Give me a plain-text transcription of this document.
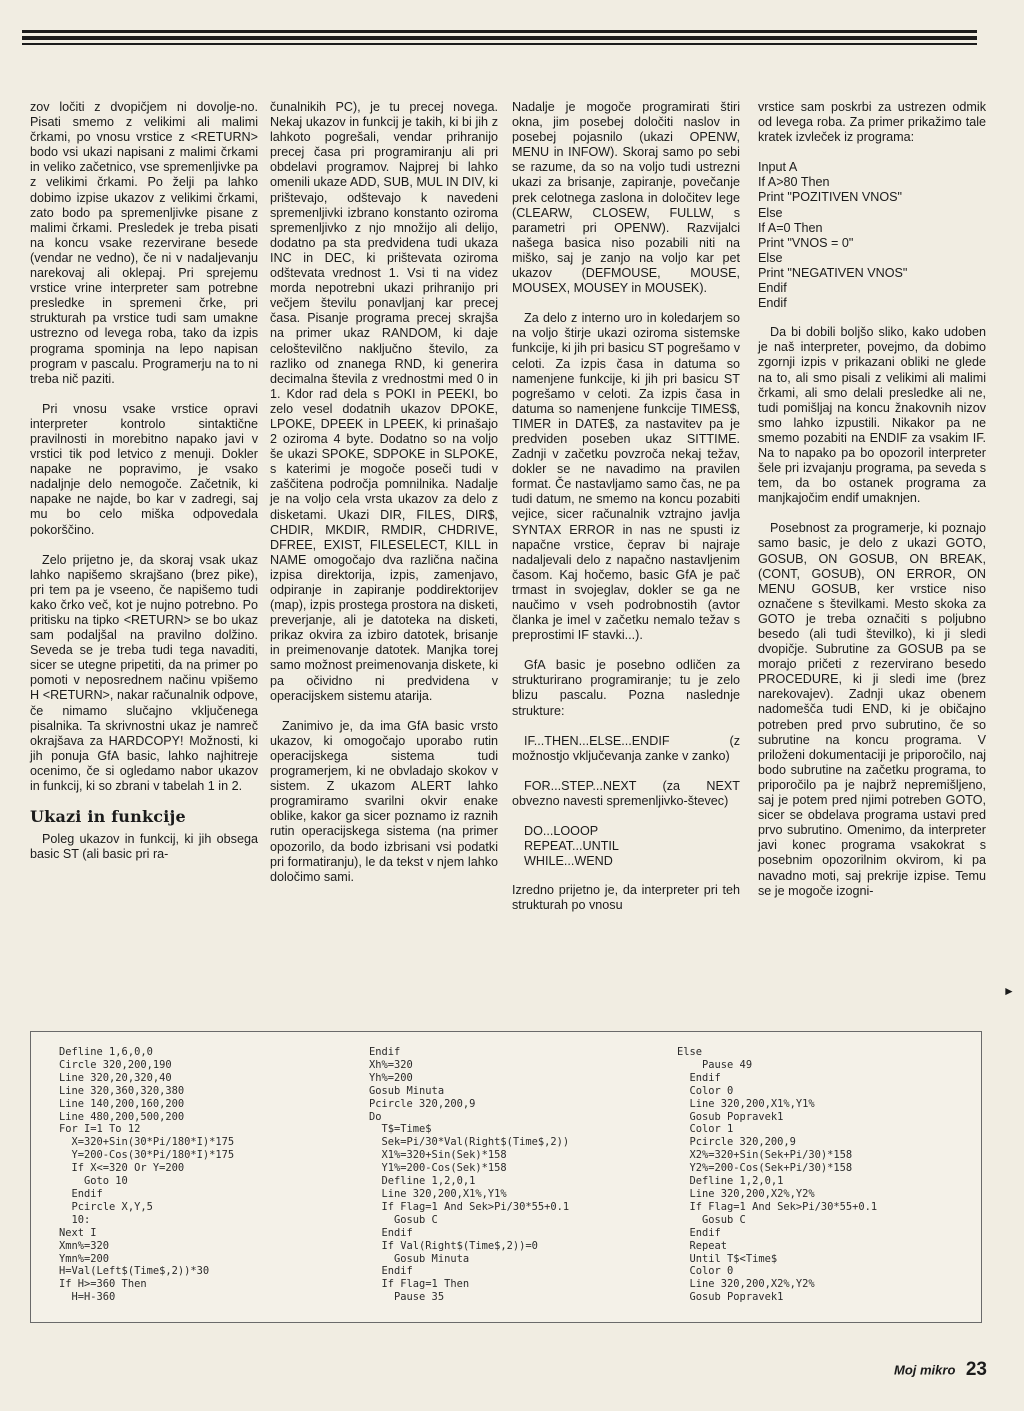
zov ločiti z dvopičjem ni dovolje-no. Pisati smemo z velikimi ali malimi črkami, po vnosu vrstice z <RETURN> bodo vsi ukazi napisani z malimi črkami in veliko začetnico, vse spremenljivke pa z velikimi črkami. Po želji pa lahko dobimo izpise ukazov z velikimi črkami, zato bodo pa spremenljivke pisane z malimi črkami. Presledek je treba pisati na koncu vsake rezervirane besede (vendar ne vedno), če ni v nadaljevanju narekovaj ali oklepaj. Pri sprejemu vrstice vrine interpreter sam potrebne presledke in spremeni črke, pri strukturah pa vrstice tudi sam umakne ustrezno od levega roba, tako da izpis programa spominja na lepo napisan program v pascalu. Programerju na to ni treba nič paziti.

Pri vnosu vsake vrstice opravi interpreter kontrolo sintaktične pravilnosti in morebitno napako javi v vrstici tik pod letvico z menuji. Dokler napake ne popravimo, je vsako nadaljnje delo nemogoče. Začetnik, ki napake ne najde, bo kar v zadregi, saj mu bo celo miška odpovedala pokorščino.

Zelo prijetno je, da skoraj vsak ukaz lahko napišemo skrajšano (brez pike), pri tem pa je vseeno, če napišemo tudi kako črko več, kot je nujno potrebno. Po pritisku na tipko <RETURN> se bo ukaz sam podaljšal na pravilno dolžino. Seveda se je treba tudi tega navaditi, sicer se utegne pripetiti, da na primer po pomoti v neposrednem načinu vpišemo H <RETURN>, nakar računalnik odpove, če nimamo slučajno vključenega pisalnika. Ta skrivnostni ukaz je namreč okrajšava za HARDCOPY! Možnosti, ki jih ponuja GfA basic, lahko najhitreje ocenimo, če si ogledamo nabor ukazov in funkcij, ki so zbrani v tabelah 1 in 2.

Ukazi in funkcije

Poleg ukazov in funkcij, ki jih obsega basic ST (ali basic pri ra-

čunalnikih PC), je tu precej novega. Nekaj ukazov in funkcij je takih, ki bi jih z lahkoto pogrešali, vendar prihranijo precej časa pri programiranju ali pri obdelavi programov. Najprej bi lahko omenili ukaze ADD, SUB, MUL IN DIV, ki prištevajo, odštevajo k navedeni spremenljivki izbrano konstanto oziroma spremenljivko z njo množijo ali delijo, dodatno pa sta predvidena tudi ukaza INC in DEC, ki prištevata oziroma odštevata vrednost 1. Vsi ti na videz morda nepotrebni ukazi prihranijo pri večjem številu ponavljanj kar precej časa. Pisanje programa precej skrajša na primer ukaz RANDOM, ki daje celoštevilčno naključno število, za razliko od znanega RND, ki generira decimalna števila z vrednostmi med 0 in 1. Kdor rad dela s POKI in PEEKI, bo zelo vesel dodatnih ukazov DPOKE, LPOKE, DPEEK in LPEEK, ki prinašajo 2 oziroma 4 byte. Dodatno so na voljo še ukazi SPOKE, SDPOKE in SLPOKE, s katerimi je mogoče poseči tudi v zaščitena področja pomnilnika. Nadalje je na voljo cela vrsta ukazov za delo z disketami. Ukazi DIR, FILES, DIR$, CHDIR, MKDIR, RMDIR, CHDRIVE, DFREE, EXIST, FILESELECT, KILL in NAME omogočajo dva različna načina izpisa direktorija, izpis, zamenjavo, odpiranje in zapiranje poddirektorijev (map), izpis prostega prostora na disketi, preverjanje, ali je datoteka na disketi, prikaz okvira za izbiro datotek, brisanje in preimenovanje datotek. Manjka torej samo možnost preimenovanja diskete, ki pa očividno ni predvidena v operacijskem sistemu atarija.

Zanimivo je, da ima GfA basic vrsto ukazov, ki omogočajo uporabo rutin operacijskega sistema tudi programerjem, ki ne obvladajo skokov v sistem. Z ukazom ALERT lahko programiramo svarilni okvir enake oblike, kakor ga sicer poznamo iz raznih rutin operacijskega sistema (na primer opozorilo, da bodo izbrisani vsi podatki pri formatiranju), le da tekst v njem lahko določimo sami.

Nadalje je mogoče programirati štiri okna, jim posebej določiti naslov in posebej pojasnilo (ukazi OPENW, MENU in INFOW). Skoraj samo po sebi se razume, da so na voljo tudi ustrezni ukazi za brisanje, zapiranje, povečanje prek celotnega zaslona in določitev lege (CLEARW, CLOSEW, FULLW, s parametri pri OPENW). Razvijalci našega basica niso pozabili niti na miško, saj je zanjo na voljo kar pet ukazov (DEFMOUSE, MOUSE, MOUSEX, MOUSEY in MOUSEK).

Za delo z interno uro in koledarjem so na voljo štirje ukazi oziroma sistemske funkcije, ki jih pri basicu ST pogrešamo v celoti. Za izpis časa in datuma so namenjene funkcije, ki jih pri basicu ST pogrešamo v celoti. Za izpis časa in datuma so namenjene funkcije TIMES$, TIMER in DATE$, za nastavitev pa je predviden poseben ukaz SITTIME. Zadnji v začetku povzroča nekaj težav, dokler se ne navadimo na pravilen format. Če nastavljamo samo čas, ne pa tudi datum, ne smemo na koncu pozabiti vejice, sicer računalnik vztrajno javlja SYNTAX ERROR in nas ne spusti iz napačne vrstice, čeprav bi najraje nadaljevali delo z napačno nastavljenim časom. Kaj hočemo, basic GfA je pač trmast in svojeglav, dokler se ga ne naučimo v vseh podrobnostih (avtor članka je imel v začetku nemalo težav s preprostimi IF stavki...).

GfA basic je posebno odličen za strukturirano programiranje; tu je zelo blizu pascalu. Pozna naslednje strukture:

IF...THEN...ELSE...ENDIF (z možnostjo vključevanja zanke v zanko)

FOR...STEP...NEXT (za NEXT obvezno navesti spremenljivko-števec)

DO...LOOOP
REPEAT...UNTIL
WHILE...WEND

Izredno prijetno je, da interpreter pri teh strukturah po vnosu

vrstice sam poskrbi za ustrezen odmik od levega roba. Za primer prikažimo tale kratek izvleček iz programa:

Input A
If A>80 Then
Print "POZITIVEN VNOS"
Else
If A=0 Then
Print "VNOS = 0"
Else
Print "NEGATIVEN VNOS"
Endif
Endif

Da bi dobili boljšo sliko, kako udoben je naš interpreter, povejmo, da dobimo zgornji izpis v prikazani obliki ne glede na to, ali smo pisali z velikimi ali malimi črkami, ali smo delali presledke ali ne, tudi pomišljaj na koncu žnakovnih nizov smo lahko izpustili. Nikakor pa ne smemo pozabiti na ENDIF za vsakim IF. Na to napako pa bo opozoril interpreter šele pri izvajanju programa, pa seveda s tem, da bo ostanek programa za manjkajočim endif umaknjen.

Posebnost za programerje, ki poznajo samo basic, je delo z ukazi GOTO, GOSUB, ON GOSUB, ON BREAK, (CONT, GOSUB), ON ERROR, ON MENU GOSUB, ker vrstice niso označene s številkami. Mesto skoka za GOTO je treba označiti s poljubno besedo (ali tudi številko), ki ji sledi dvopičje. Subrutine za GOSUB pa se morajo pričeti z rezervirano besedo PROCEDURE, ki ji sledi ime (brez narekovajev). Zadnji ukaz obenem nadomešča tudi END, ki je običajno potreben pred prvo subrutino, če so subrutine na koncu programa. V priloženi dokumentaciji je priporočilo, naj bodo subrutine na začetku programa, to priporočilo pa je najbrž nepremišljeno, saj je potem pred njimi potreben GOTO, sicer se obdelava programa ustavi pred prvo subrutino. Omenimo, da interpreter javi konec programa vsakokrat s posebnim opozorilnim okvirom, ki pa navadno moti, saj prekrije izpise. Temu se je mogoče izogni-

►
Defline 1,6,0,0
Circle 320,200,190
Line 320,20,320,40
Line 320,360,320,380
Line 140,200,160,200
Line 480,200,500,200
For I=1 To 12
X=320+Sin(30*Pi/180*I)*175
Y=200-Cos(30*Pi/180*I)*175
If X<=320 Or Y=200
Goto 10
Endif
Pcircle X,Y,5
10:
Next I
Xmn%=320
Ymn%=200
H=Val(Left$(Time$,2))*30
If H>=360 Then
H=H-360
Endif
Xh%=320
Yh%=200
Gosub Minuta
Pcircle 320,200,9
Do
T$=Time$
Sek=Pi/30*Val(Right$(Time$,2))
X1%=320+Sin(Sek)*158
Y1%=200-Cos(Sek)*158
Defline 1,2,0,1
Line 320,200,X1%,Y1%
If Flag=1 And Sek>Pi/30*55+0.1
Gosub C
Endif
If Val(Right$(Time$,2))=0
Gosub Minuta
Endif
If Flag=1 Then
Pause 35
Else
Pause 49
Endif
Color 0
Line 320,200,X1%,Y1%
Gosub Popravek1
Color 1
Pcircle 320,200,9
X2%=320+Sin(Sek+Pi/30)*158
Y2%=200-Cos(Sek+Pi/30)*158
Defline 1,2,0,1
Line 320,200,X2%,Y2%
If Flag=1 And Sek>Pi/30*55+0.1
Gosub C
Endif
Repeat
Until T$<Time$
Color 0
Line 320,200,X2%,Y2%
Gosub Popravek1
Moj mikro 23
